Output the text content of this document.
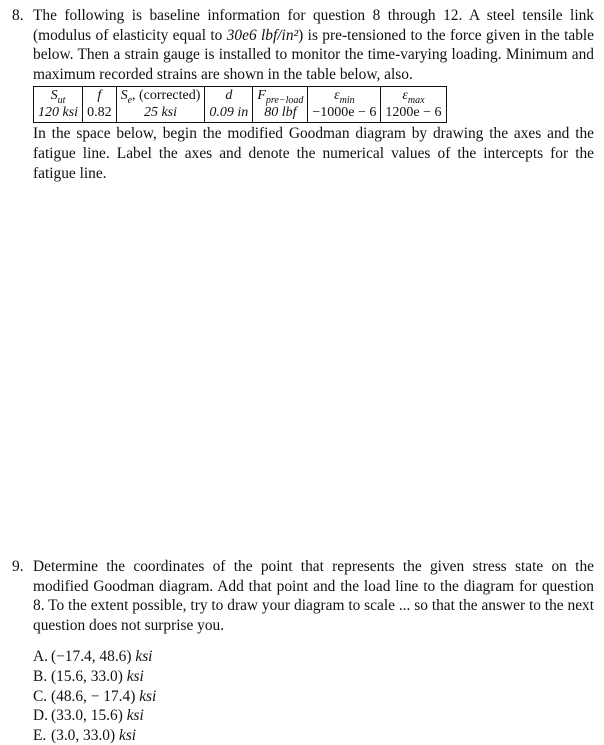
8. The following is baseline information for question 8 through 12. A steel tensile link (modulus of elasticity equal to 30e6 lbf/in²) is pre-tensioned to the force given in the table below. Then a strain gauge is installed to monitor the time-varying loading. Minimum and maximum recorded strains are shown in the table below, also.
$S_{ut}$	f	$S_e$, (corrected)	d	$F_{pre-load}$	$\varepsilon_{min}$	$\varepsilon_{max}$
120 ksi	0.82	25 ksi	0.09 in	80 lbf	−1000e − 6	1200e − 6
In the space below, begin the modified Goodman diagram by drawing the axes and the fatigue line. Label the axes and denote the numerical values of the intercepts for the fatigue line.
9. Determine the coordinates of the point that represents the given stress state on the modified Goodman diagram. Add that point and the load line to the diagram for question 8. To the extent possible, try to draw your diagram to scale ... so that the answer to the next question does not surprise you.
A. (−17.4, 48.6) ksi
B. (15.6, 33.0) ksi
C. (48.6, − 17.4) ksi
D. (33.0, 15.6) ksi
E. (3.0, 33.0) ksi
